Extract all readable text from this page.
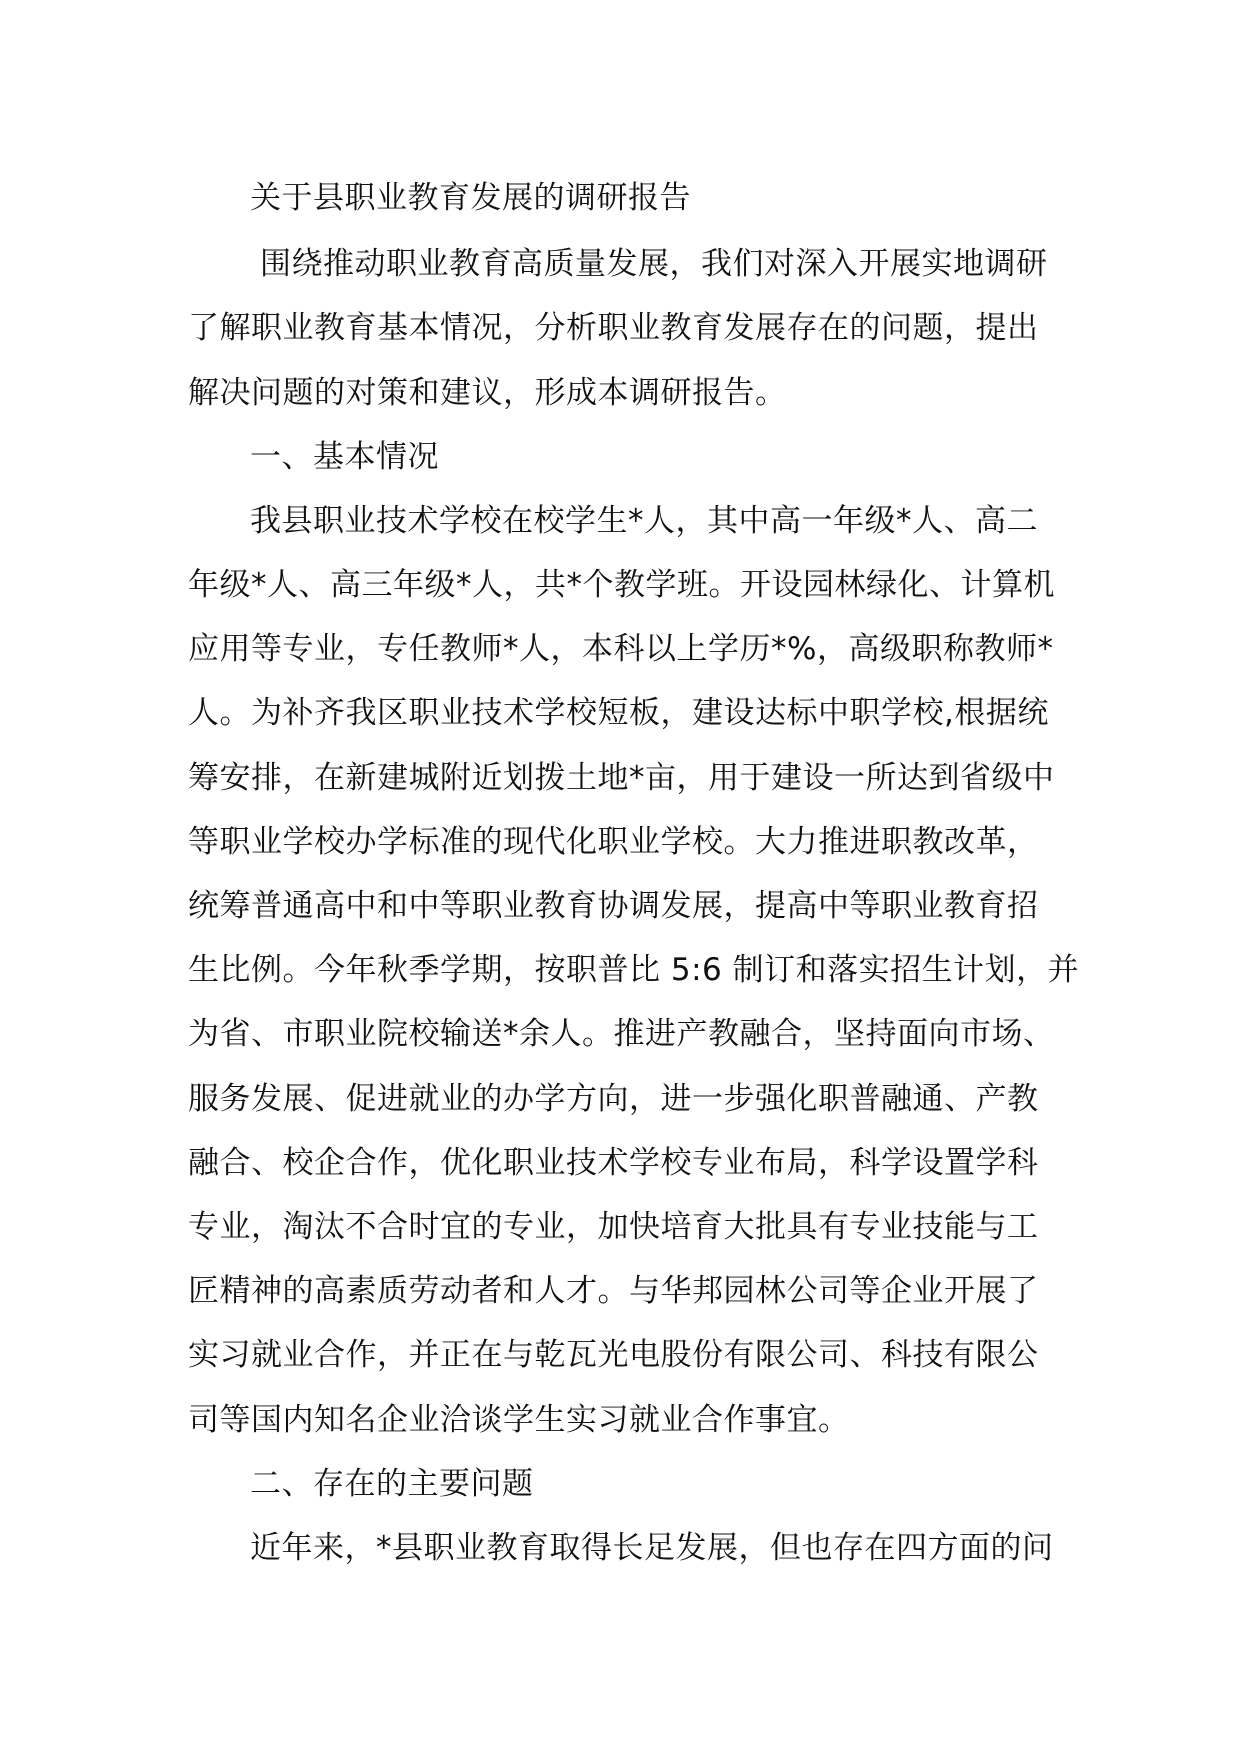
关于县职业教育发展的调研报告
围绕推动职业教育高质量发展，我们对深入开展实地调研
了解职业教育基本情况，分析职业教育发展存在的问题，提出
解决问题的对策和建议，形成本调研报告。
一、基本情况
我县职业技术学校在校学生*人，其中高一年级*人、高二
年级*人、高三年级*人，共*个教学班。开设园林绿化、计算机
应用等专业，专任教师*人，本科以上学历*%，高级职称教师*
人。为补齐我区职业技术学校短板，建设达标中职学校,根据统
筹安排，在新建城附近划拨土地*亩，用于建设一所达到省级中
等职业学校办学标准的现代化职业学校。大力推进职教改革，
统筹普通高中和中等职业教育协调发展，提高中等职业教育招
生比例。今年秋季学期，按职普比 5:6 制订和落实招生计划，并
为省、市职业院校输送*余人。推进产教融合，坚持面向市场、
服务发展、促进就业的办学方向，进一步强化职普融通、产教
融合、校企合作，优化职业技术学校专业布局，科学设置学科
专业，淘汰不合时宜的专业，加快培育大批具有专业技能与工
匠精神的高素质劳动者和人才。与华邦园林公司等企业开展了
实习就业合作，并正在与乾瓦光电股份有限公司、科技有限公
司等国内知名企业洽谈学生实习就业合作事宜。
二、存在的主要问题
近年来，*县职业教育取得长足发展，但也存在四方面的问
